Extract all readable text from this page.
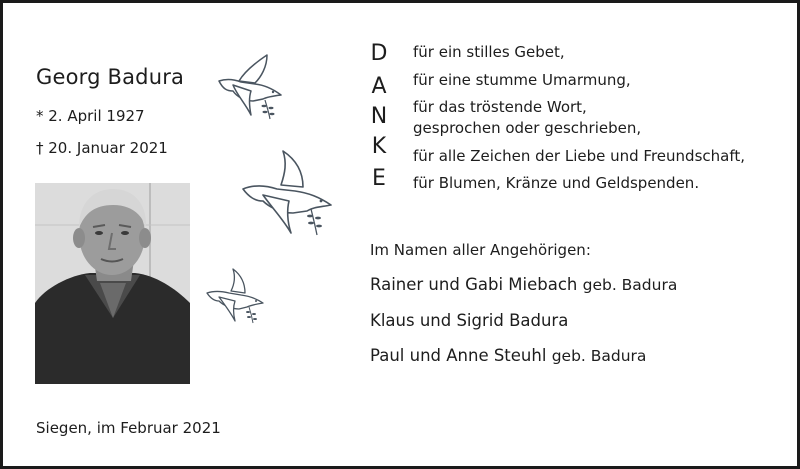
Georg Badura
* 2. April 1927
† 20. Januar 2021
Siegen, im Februar 2021
D
A
N
K
E
für ein stilles Gebet,
für eine stumme Umarmung,
für das tröstende Wort,
gesprochen oder geschrieben,
für alle Zeichen der Liebe und Freundschaft,
für Blumen, Kränze und Geldspenden.
Im Namen aller Angehörigen:
Rainer und Gabi Miebach geb. Badura
Klaus und Sigrid Badura
Paul und Anne Steuhl geb. Badura
